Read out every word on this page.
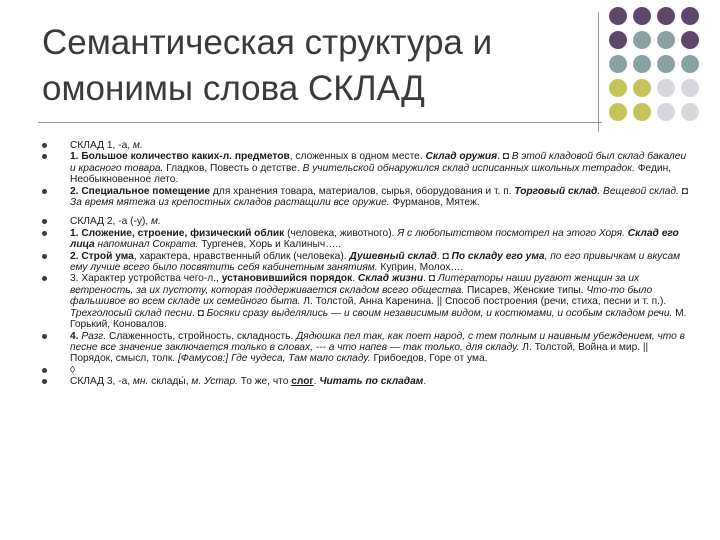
Семантическая структура и
омонимы слова СКЛАД
СКЛАД 1, -а, м.
1. Большое количество каких-л. предметов, сложенных в одном месте. Склад оружия. ◘ В этой кладовой был склад бакалеи и красного товара. Гладков, Повесть о детстве. В учительской обнаружился склад исписанных школьных тетрадок. Федин, Необыкновенное лето.
2. Специальное помещение для хранения товара, материалов, сырья, оборудования и т. п. Торговый склад. Вещевой склад. ◘ За время мятежа из крепостных складов растащили все оружие. Фурманов, Мятеж.
СКЛАД 2, -а (-у), м.
1. Сложение, строение, физический облик (человека, животного). Я с любопытством посмотрел на этого Хоря. Склад его лица напоминал Сократа. Тургенев, Хорь и Калиныч…..
2. Строй ума, характера, нравственный облик (человека). Душевный склад. ◘ По складу его ума, по его привычкам и вкусам ему лучше всего было посвятить себя кабинетным занятиям. Куприн, Молох….
3. Характер устройства чего-л., установившийся порядок. Склад жизни. ◘ Литераторы наши ругают женщин за их ветреность, за их пустоту, которая поддерживается складом всего общества. Писарев, Женские типы. Что-то было фальшивое во всем складе их семейного быта. Л. Толстой, Анна Каренина. || Способ построения (речи, стиха, песни и т. п.). Трехголосый склад песни. ◘ Босяки сразу выделялись — и своим независимым видом, и костюмами, и особым складом речи. М. Горький, Коновалов.
4. Разг. Слаженность, стройность, складность. Дядюшка пел так, как поет народ, с тем полным и наивным убеждением, что в песне все значение заключается только в словах, --- а что напев — так только, для складу. Л. Толстой, Война и мир. || Порядок, смысл, толк. [Фамусов:] Где чудеса, Там мало складу. Грибоедов, Горе от ума.
◊
СКЛАД 3, -а, мн. склады́, м. Устар. То же, что слог. Читать по складам.
